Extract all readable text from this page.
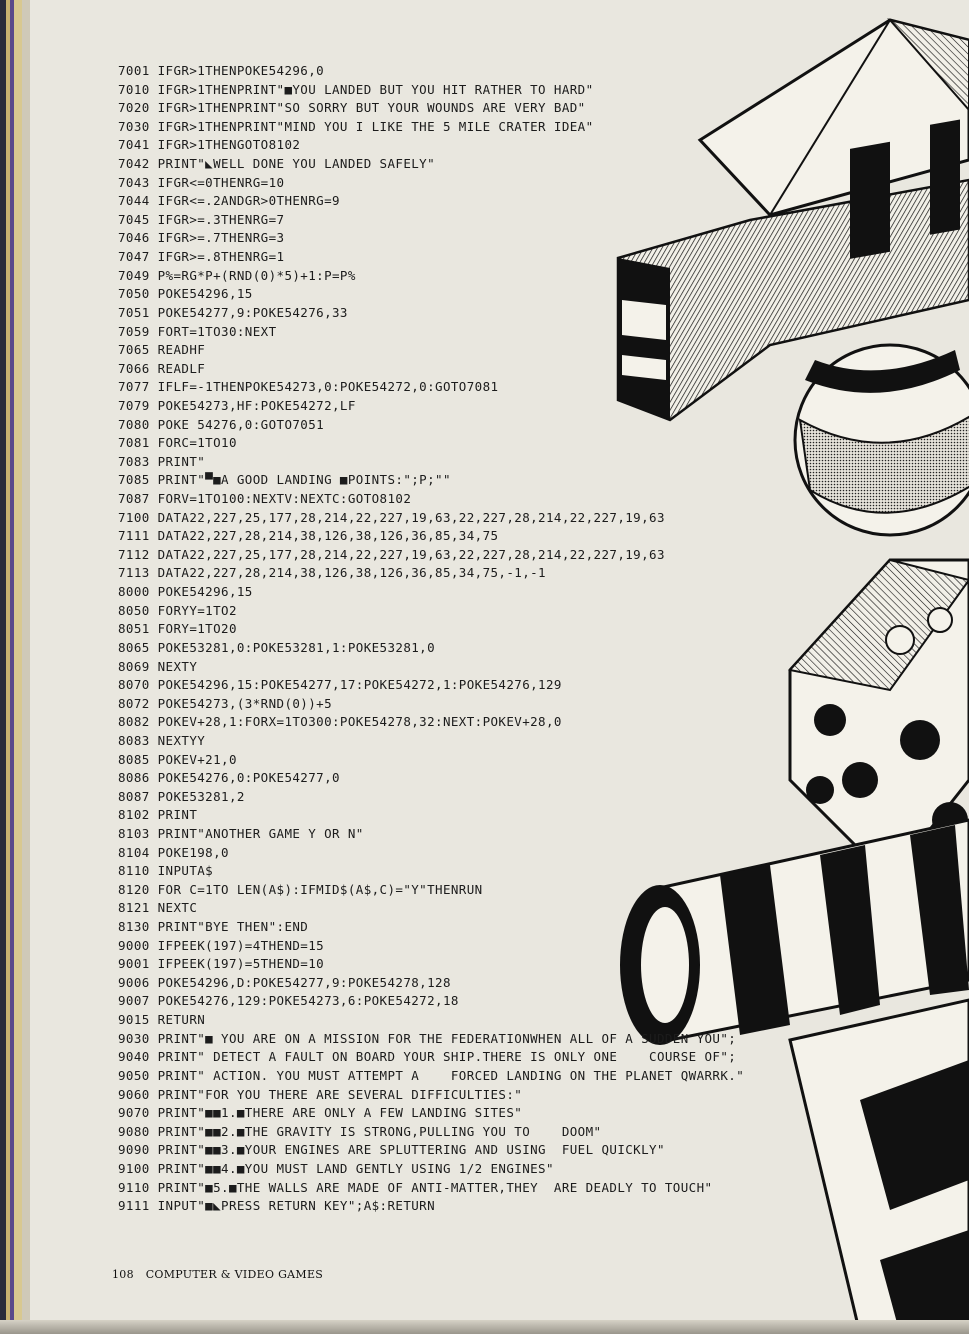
7001 IFGR>1THENPOKE54296,0
7010 IFGR>1THENPRINT"■YOU LANDED BUT YOU HIT RATHER TO HARD"
7020 IFGR>1THENPRINT"SO SORRY BUT YOUR WOUNDS ARE VERY BAD"
7030 IFGR>1THENPRINT"MIND YOU I LIKE THE 5 MILE CRATER IDEA"
7041 IFGR>1THENGOTO8102
7042 PRINT"◣WELL DONE YOU LANDED SAFELY"
7043 IFGR<=0THENRG=10
7044 IFGR<=.2ANDGR>0THENRG=9
7045 IFGR>=.3THENRG=7
7046 IFGR>=.7THENRG=3
7047 IFGR>=.8THENRG=1
7049 P%=RG*P+(RND(0)*5)+1:P=P%
7050 POKE54296,15
7051 POKE54277,9:POKE54276,33
7059 FORT=1TO30:NEXT
7065 READHF
7066 READLF
7077 IFLF=-1THENPOKE54273,0:POKE54272,0:GOTO7081
7079 POKE54273,HF:POKE54272,LF
7080 POKE 54276,0:GOTO7051
7081 FORC=1TO10
7083 PRINT"
7085 PRINT"▀■A GOOD LANDING ■POINTS:";P;""
7087 FORV=1TO100:NEXTV:NEXTC:GOTO8102
7100 DATA22,227,25,177,28,214,22,227,19,63,22,227,28,214,22,227,19,63
7111 DATA22,227,28,214,38,126,38,126,36,85,34,75
7112 DATA22,227,25,177,28,214,22,227,19,63,22,227,28,214,22,227,19,63
7113 DATA22,227,28,214,38,126,38,126,36,85,34,75,-1,-1
8000 POKE54296,15
8050 FORYY=1TO2
8051 FORY=1TO20
8065 POKE53281,0:POKE53281,1:POKE53281,0
8069 NEXTY
8070 POKE54296,15:POKE54277,17:POKE54272,1:POKE54276,129
8072 POKE54273,(3*RND(0))+5
8082 POKEV+28,1:FORX=1TO300:POKE54278,32:NEXT:POKEV+28,0
8083 NEXTYY
8085 POKEV+21,0
8086 POKE54276,0:POKE54277,0
8087 POKE53281,2
8102 PRINT
8103 PRINT"ANOTHER GAME Y OR N"
8104 POKE198,0
8110 INPUTA$
8120 FOR C=1TO LEN(A$):IFMID$(A$,C)="Y"THENRUN
8121 NEXTC
8130 PRINT"BYE THEN":END
9000 IFPEEK(197)=4THEND=15
9001 IFPEEK(197)=5THEND=10
9006 POKE54296,D:POKE54277,9:POKE54278,128
9007 POKE54276,129:POKE54273,6:POKE54272,18
9015 RETURN
9030 PRINT"■ YOU ARE ON A MISSION FOR THE FEDERATIONWHEN ALL OF A SUDDEN YOU";
9040 PRINT" DETECT A FAULT ON BOARD YOUR SHIP.THERE IS ONLY ONE    COURSE OF";
9050 PRINT" ACTION. YOU MUST ATTEMPT A    FORCED LANDING ON THE PLANET QWARRK."
9060 PRINT"FOR YOU THERE ARE SEVERAL DIFFICULTIES:"
9070 PRINT"■■1.■THERE ARE ONLY A FEW LANDING SITES"
9080 PRINT"■■2.■THE GRAVITY IS STRONG,PULLING YOU TO    DOOM"
9090 PRINT"■■3.■YOUR ENGINES ARE SPLUTTERING AND USING  FUEL QUICKLY"
9100 PRINT"■■4.■YOU MUST LAND GENTLY USING 1/2 ENGINES"
9110 PRINT"■5.■THE WALLS ARE MADE OF ANTI-MATTER,THEY  ARE DEADLY TO TOUCH"
9111 INPUT"■◣PRESS RETURN KEY";A$:RETURN
108 COMPUTER & VIDEO GAMES
